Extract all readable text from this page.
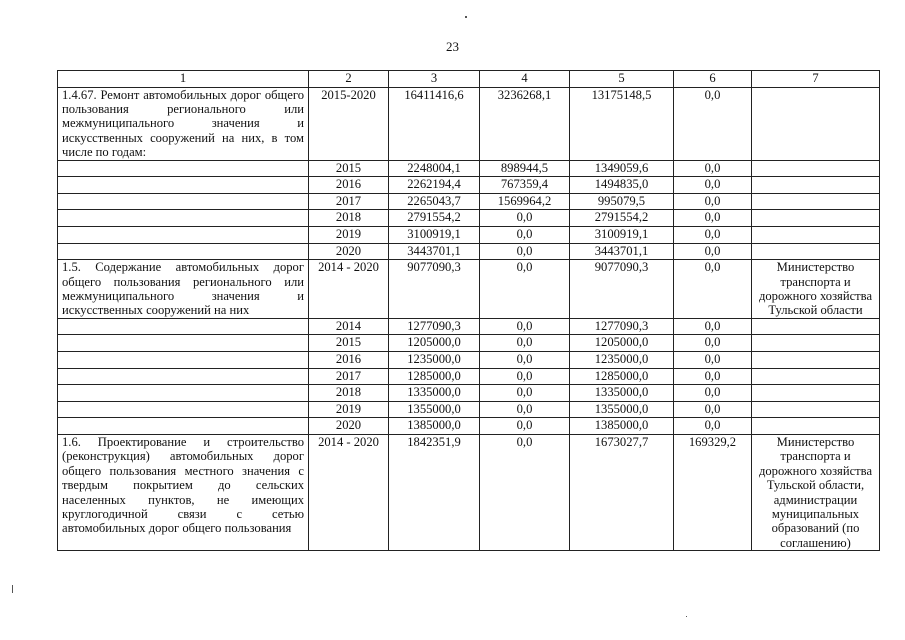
23
1	2	3	4	5	6	7
1.4.67. Ремонт автомобильных дорог общего пользования регионального или межмуниципального значения и искусственных сооружений на них, в том числе по годам:	2015-2020	16411416,6	3236268,1	13175148,5	0,0	
	2015	2248004,1	898944,5	1349059,6	0,0	
	2016	2262194,4	767359,4	1494835,0	0,0	
	2017	2265043,7	1569964,2	995079,5	0,0	
	2018	2791554,2	0,0	2791554,2	0,0	
	2019	3100919,1	0,0	3100919,1	0,0	
	2020	3443701,1	0,0	3443701,1	0,0	
1.5. Содержание автомобильных дорог общего пользования регионального или межмуниципального значения и искусственных сооружений на них	2014 - 2020	9077090,3	0,0	9077090,3	0,0	Министерство транспорта и дорожного хозяйства Тульской области
	2014	1277090,3	0,0	1277090,3	0,0	
	2015	1205000,0	0,0	1205000,0	0,0	
	2016	1235000,0	0,0	1235000,0	0,0	
	2017	1285000,0	0,0	1285000,0	0,0	
	2018	1335000,0	0,0	1335000,0	0,0	
	2019	1355000,0	0,0	1355000,0	0,0	
	2020	1385000,0	0,0	1385000,0	0,0	
1.6. Проектирование и строительство (реконструкция) автомобильных дорог общего пользования местного значения с твердым покрытием до сельских населенных пунктов, не имеющих круглогодичной связи с сетью автомобильных дорог общего пользования	2014 - 2020	1842351,9	0,0	1673027,7	169329,2	Министерство транспорта и дорожного хозяйства Тульской области, администрации муниципальных образований (по соглашению)
